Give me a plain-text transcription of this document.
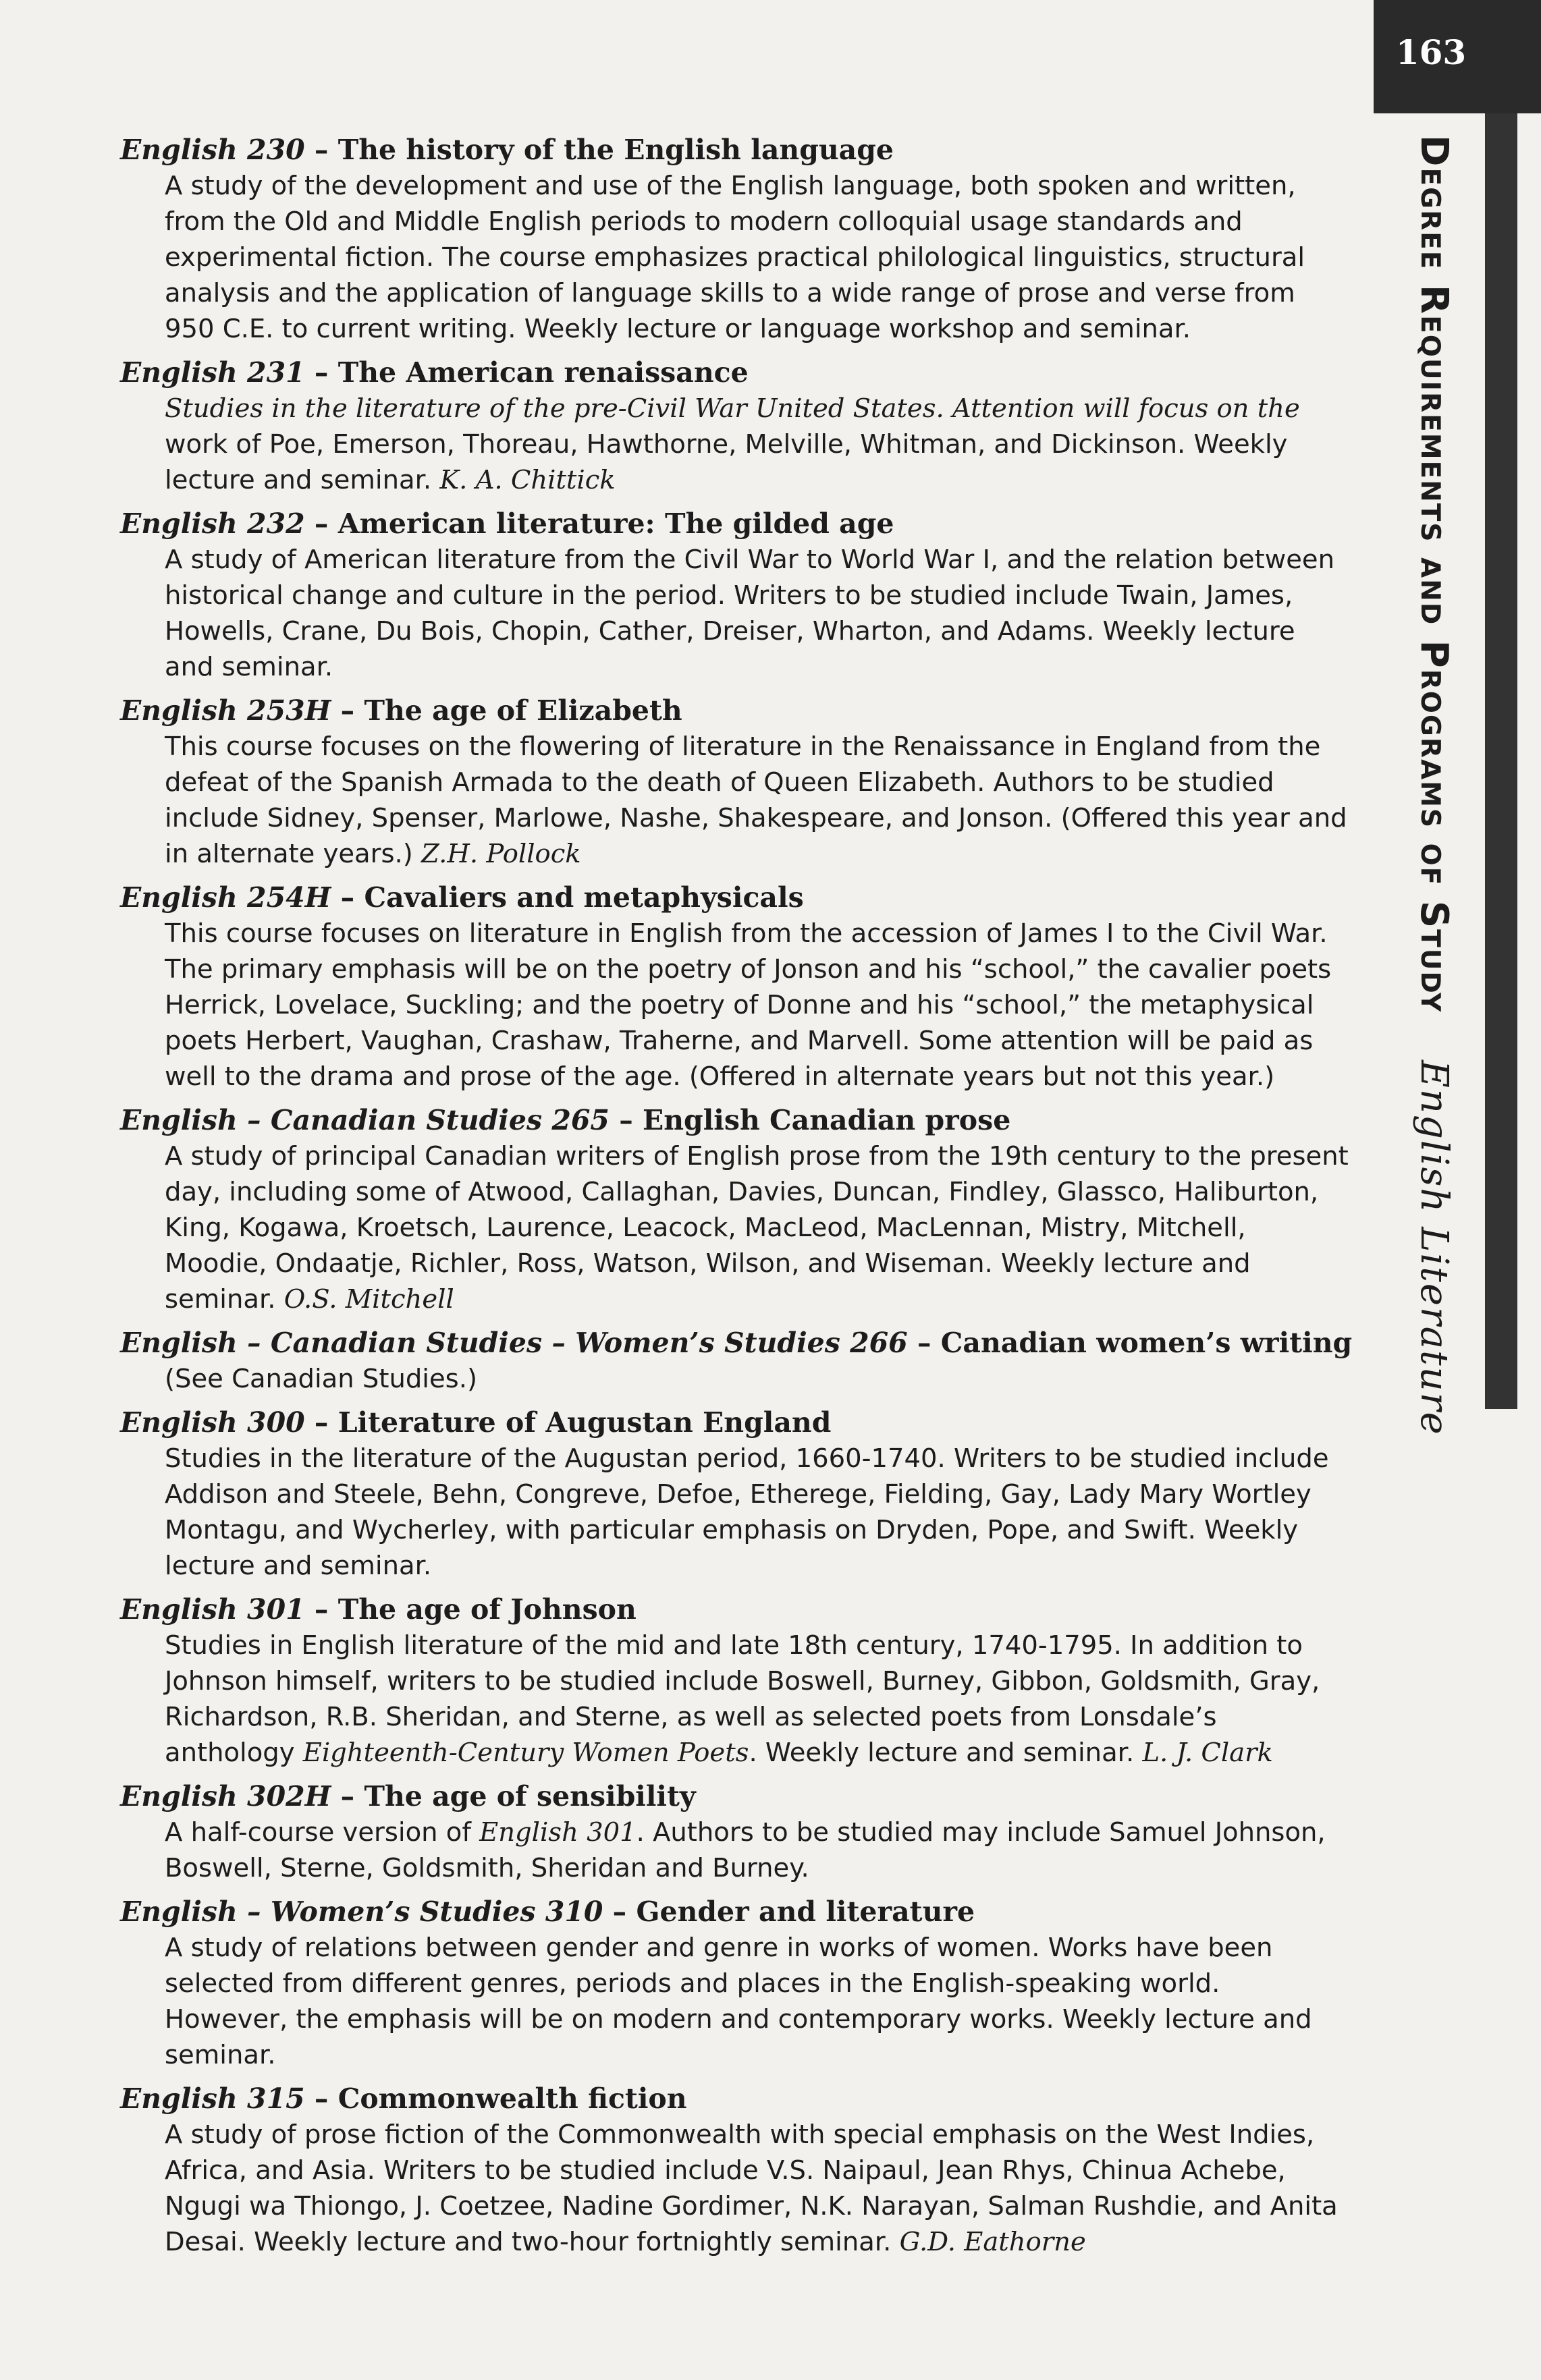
163
Degree Requirements and Programs of Study English Literature
English 230 – The history of the English language
A study of the development and use of the English language, both spoken and written, from the Old and Middle English periods to modern colloquial usage standards and experimental fiction. The course emphasizes practical philological linguistics, structural analysis and the application of language skills to a wide range of prose and verse from 950 C.E. to current writing. Weekly lecture or language workshop and seminar.
English 231 – The American renaissance
Studies in the literature of the pre-Civil War United States. Attention will focus on the work of Poe, Emerson, Thoreau, Hawthorne, Melville, Whitman, and Dickinson. Weekly lecture and seminar. K. A. Chittick
English 232 – American literature: The gilded age
A study of American literature from the Civil War to World War I, and the relation between historical change and culture in the period. Writers to be studied include Twain, James, Howells, Crane, Du Bois, Chopin, Cather, Dreiser, Wharton, and Adams. Weekly lecture and seminar.
English 253H – The age of Elizabeth
This course focuses on the flowering of literature in the Renaissance in England from the defeat of the Spanish Armada to the death of Queen Elizabeth. Authors to be studied include Sidney, Spenser, Marlowe, Nashe, Shakespeare, and Jonson. (Offered this year and in alternate years.) Z.H. Pollock
English 254H – Cavaliers and metaphysicals
This course focuses on literature in English from the accession of James I to the Civil War. The primary emphasis will be on the poetry of Jonson and his “school,” the cavalier poets Herrick, Lovelace, Suckling; and the poetry of Donne and his “school,” the metaphysical poets Herbert, Vaughan, Crashaw, Traherne, and Marvell. Some attention will be paid as well to the drama and prose of the age. (Offered in alternate years but not this year.)
English – Canadian Studies 265 – English Canadian prose
A study of principal Canadian writers of English prose from the 19th century to the present day, including some of Atwood, Callaghan, Davies, Duncan, Findley, Glassco, Haliburton, King, Kogawa, Kroetsch, Laurence, Leacock, MacLeod, MacLennan, Mistry, Mitchell, Moodie, Ondaatje, Richler, Ross, Watson, Wilson, and Wiseman. Weekly lecture and seminar. O.S. Mitchell
English – Canadian Studies – Women’s Studies 266 – Canadian women’s writing
(See Canadian Studies.)
English 300 – Literature of Augustan England
Studies in the literature of the Augustan period, 1660-1740. Writers to be studied include Addison and Steele, Behn, Congreve, Defoe, Etherege, Fielding, Gay, Lady Mary Wortley Montagu, and Wycherley, with particular emphasis on Dryden, Pope, and Swift. Weekly lecture and seminar.
English 301 – The age of Johnson
Studies in English literature of the mid and late 18th century, 1740-1795. In addition to Johnson himself, writers to be studied include Boswell, Burney, Gibbon, Goldsmith, Gray, Richardson, R.B. Sheridan, and Sterne, as well as selected poets from Lonsdale’s anthology Eighteenth-Century Women Poets. Weekly lecture and seminar. L. J. Clark
English 302H – The age of sensibility
A half-course version of English 301. Authors to be studied may include Samuel Johnson, Boswell, Sterne, Goldsmith, Sheridan and Burney.
English – Women’s Studies 310 – Gender and literature
A study of relations between gender and genre in works of women. Works have been selected from different genres, periods and places in the English-speaking world. However, the emphasis will be on modern and contemporary works. Weekly lecture and seminar.
English 315 – Commonwealth fiction
A study of prose fiction of the Commonwealth with special emphasis on the West Indies, Africa, and Asia. Writers to be studied include V.S. Naipaul, Jean Rhys, Chinua Achebe, Ngugi wa Thiongo, J. Coetzee, Nadine Gordimer, N.K. Narayan, Salman Rushdie, and Anita Desai. Weekly lecture and two-hour fortnightly seminar. G.D. Eathorne
